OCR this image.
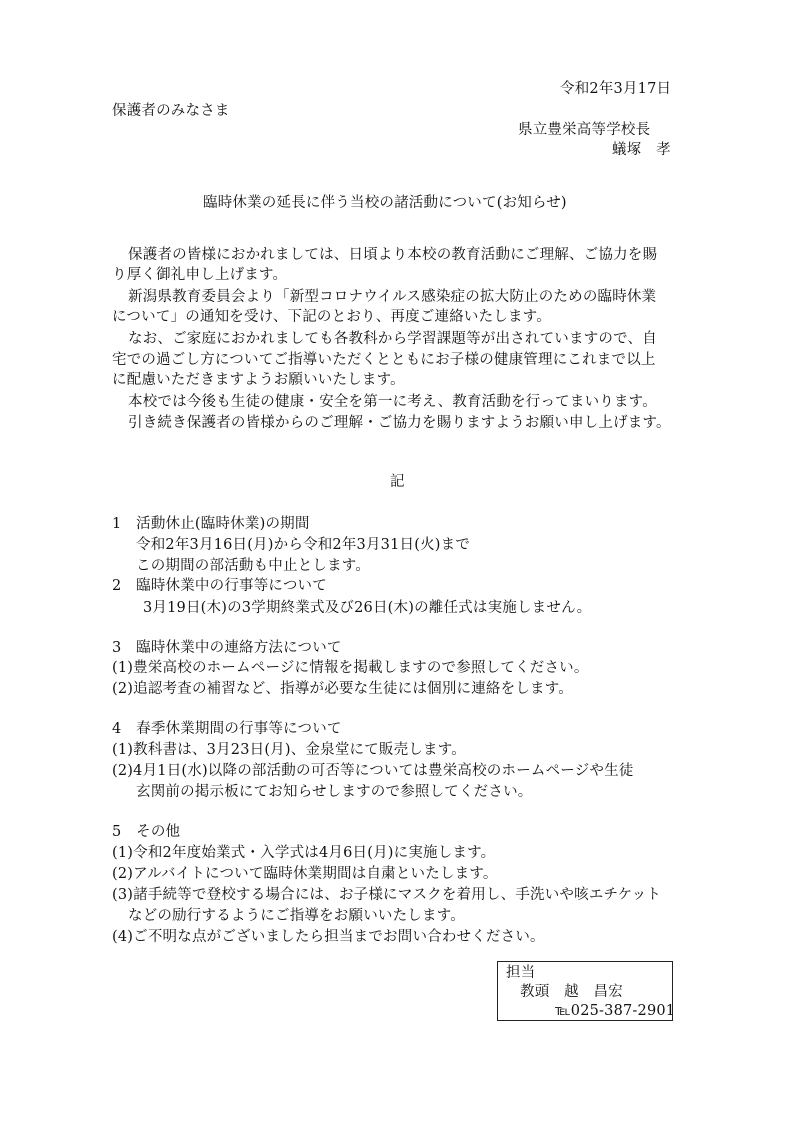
令和2年3月17日
保護者のみなさま
県立豊栄高等学校長
蟻塚　孝
臨時休業の延長に伴う当校の諸活動について(お知らせ)
保護者の皆様におかれましては、日頃より本校の教育活動にご理解、ご協力を賜
り厚く御礼申し上げます。
新潟県教育委員会より「新型コロナウイルス感染症の拡大防止のための臨時休業
について」の通知を受け、下記のとおり、再度ご連絡いたします。
なお、ご家庭におかれましても各教科から学習課題等が出されていますので、自
宅での過ごし方についてご指導いただくとともにお子様の健康管理にこれまで以上
に配慮いただきますようお願いいたします。
本校では今後も生徒の健康・安全を第一に考え、教育活動を行ってまいります。
引き続き保護者の皆様からのご理解・ご協力を賜りますようお願い申し上げます。
記
1　活動休止(臨時休業)の期間
令和2年3月16日(月)から令和2年3月31日(火)まで
この期間の部活動も中止とします。
2　臨時休業中の行事等について
3月19日(木)の3学期終業式及び26日(木)の離任式は実施しません。
3　臨時休業中の連絡方法について
(1)豊栄高校のホームページに情報を掲載しますので参照してください。
(2)追認考査の補習など、指導が必要な生徒には個別に連絡をします。
4　春季休業期間の行事等について
(1)教科書は、3月23日(月)、金泉堂にて販売します。
(2)4月1日(水)以降の部活動の可否等については豊栄高校のホームページや生徒
玄関前の掲示板にてお知らせしますので参照してください。
5　その他
(1)令和2年度始業式・入学式は4月6日(月)に実施します。
(2)アルバイトについて臨時休業期間は自粛といたします。
(3)諸手続等で登校する場合には、お子様にマスクを着用し、手洗いや咳エチケット
などの励行するようにご指導をお願いいたします。
(4)ご不明な点がございましたら担当までお問い合わせください。
担当
教頭　越　昌宏
℡025-387-2901
